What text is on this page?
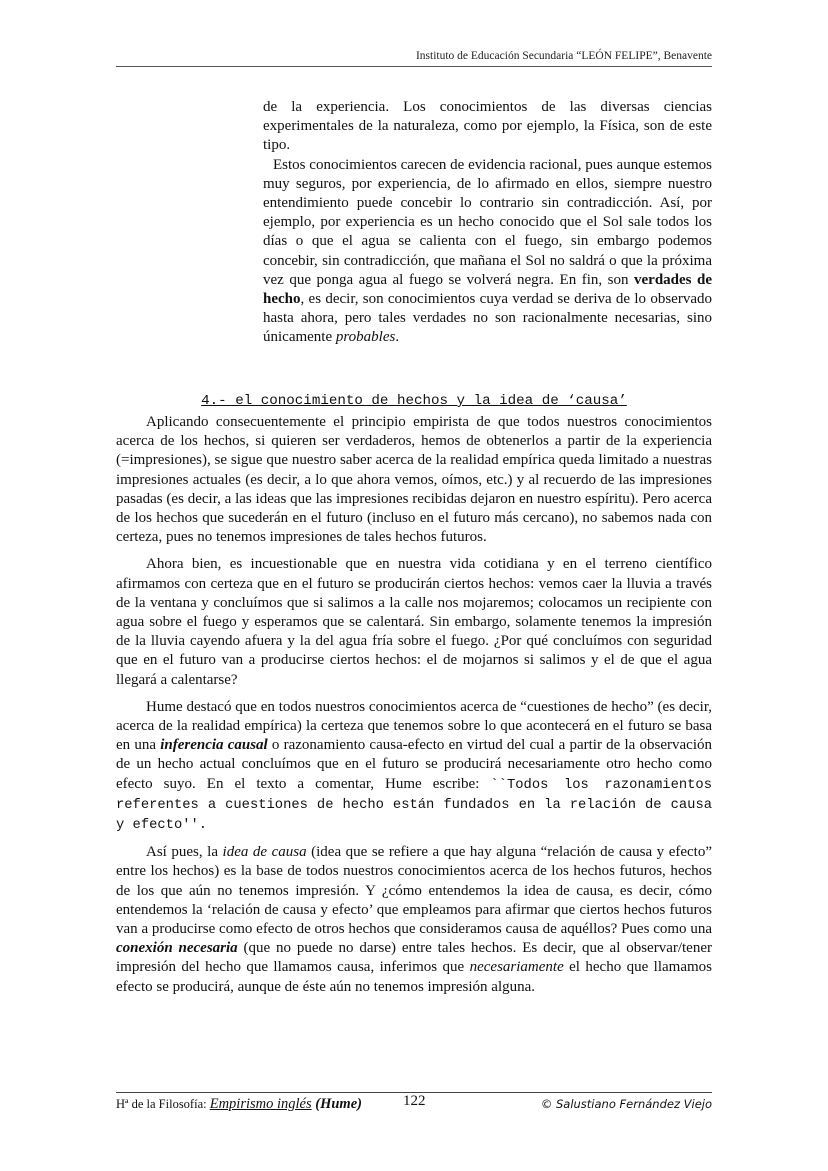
Instituto de Educación Secundaria “LEÓN FELIPE”, Benavente

de la experiencia. Los conocimientos de las diversas ciencias experimentales de la naturaleza, como por ejemplo, la Física, son de este tipo.

Estos conocimientos carecen de evidencia racional, pues aunque estemos muy seguros, por experiencia, de lo afirmado en ellos, siempre nuestro entendimiento puede concebir lo contrario sin contradicción. Así, por ejemplo, por experiencia es un hecho conocido que el Sol sale todos los días o que el agua se calienta con el fuego, sin embargo podemos concebir, sin contradicción, que mañana el Sol no saldrá o que la próxima vez que ponga agua al fuego se volverá negra. En fin, son verdades de hecho, es decir, son conocimientos cuya verdad se deriva de lo observado hasta ahora, pero tales verdades no son racionalmente necesarias, sino únicamente probables.

4.- el conocimiento de hechos y la idea de ‘causa’

Aplicando consecuentemente el principio empirista de que todos nuestros conocimientos acerca de los hechos, si quieren ser verdaderos, hemos de obtenerlos a partir de la experiencia (=impresiones), se sigue que nuestro saber acerca de la realidad empírica queda limitado a nuestras impresiones actuales (es decir, a lo que ahora vemos, oímos, etc.) y al recuerdo de las impresiones pasadas (es decir, a las ideas que las impresiones recibidas dejaron en nuestro espíritu). Pero acerca de los hechos que sucederán en el futuro (incluso en el futuro más cercano), no sabemos nada con certeza, pues no tenemos impresiones de tales hechos futuros.

Ahora bien, es incuestionable que en nuestra vida cotidiana y en el terreno científico afirmamos con certeza que en el futuro se producirán ciertos hechos: vemos caer la lluvia a través de la ventana y concluímos que si salimos a la calle nos mojaremos; colocamos un recipiente con agua sobre el fuego y esperamos que se calentará. Sin embargo, solamente tenemos la impresión de la lluvia cayendo afuera y la del agua fría sobre el fuego. ¿Por qué concluímos con seguridad que en el futuro van a producirse ciertos hechos: el de mojarnos si salimos y el de que el agua llegará a calentarse?

Hume destacó que en todos nuestros conocimientos acerca de “cuestiones de hecho” (es decir, acerca de la realidad empírica) la certeza que tenemos sobre lo que acontecerá en el futuro se basa en una inferencia causal o razonamiento causa-efecto en virtud del cual a partir de la observación de un hecho actual concluímos que en el futuro se producirá necesariamente otro hecho como efecto suyo. En el texto a comentar, Hume escribe: ``Todos los razonamientos referentes a cuestiones de hecho están fundados en la relación de causa y efecto''.

Así pues, la idea de causa (idea que se refiere a que hay alguna “relación de causa y efecto” entre los hechos) es la base de todos nuestros conocimientos acerca de los hechos futuros, hechos de los que aún no tenemos impresión. Y ¿cómo entendemos la idea de causa, es decir, cómo entendemos la ‘relación de causa y efecto’ que empleamos para afirmar que ciertos hechos futuros van a producirse como efecto de otros hechos que consideramos causa de aquéllos? Pues como una conexión necesaria (que no puede no darse) entre tales hechos. Es decir, que al observar/tener impresión del hecho que llamamos causa, inferimos que necesariamente el hecho que llamamos efecto se producirá, aunque de éste aún no tenemos impresión alguna.

Hª de la Filosofía: Empirismo inglés (Hume)	122	© Salustiano Fernández Viejo
